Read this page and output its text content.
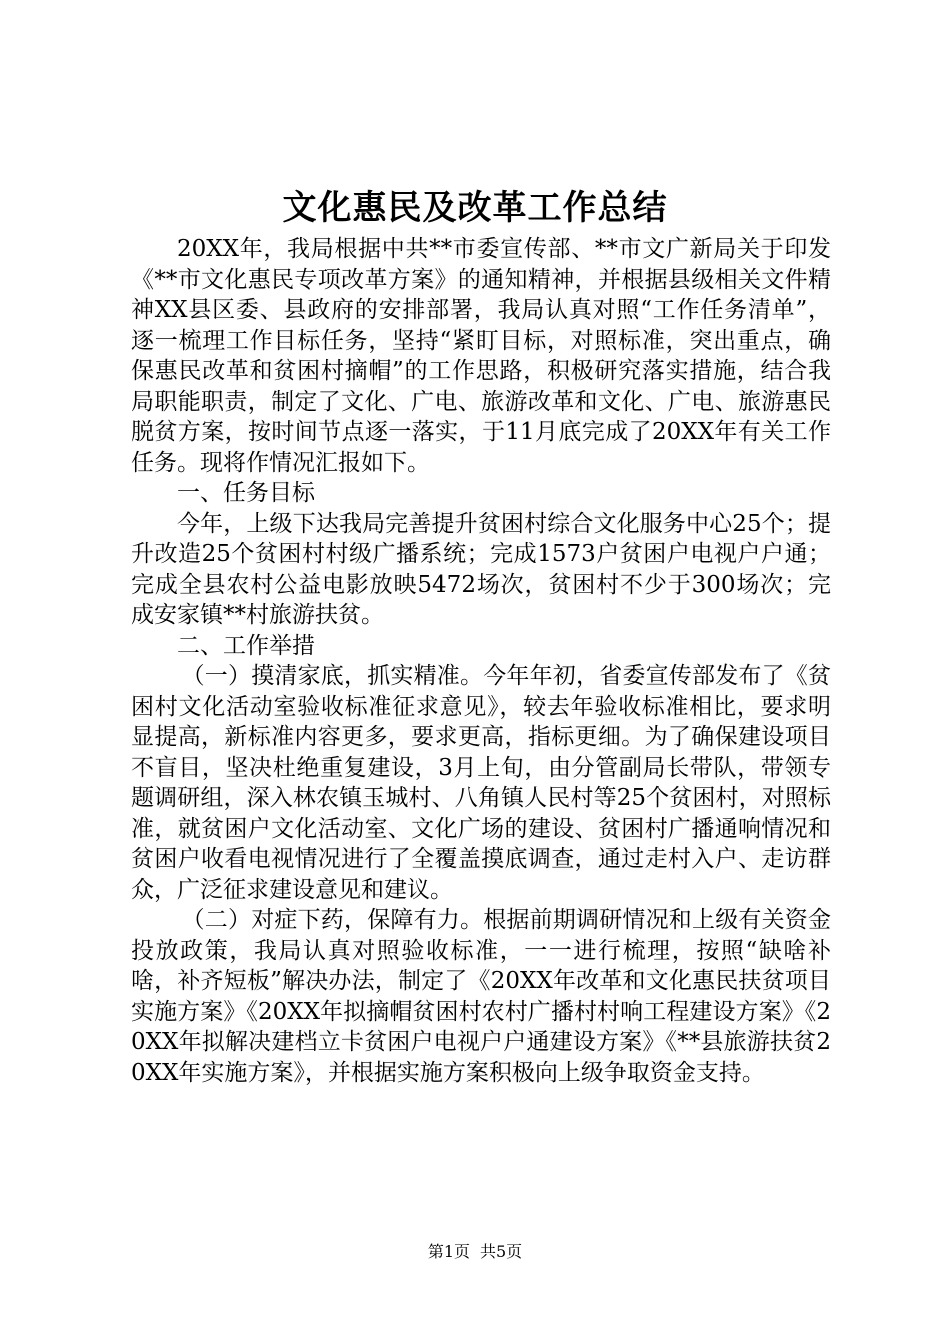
文化惠民及改革工作总结

20XX年，我局根据中共**市委宣传部、**市文广新局关于印发《**市文化惠民专项改革方案》的通知精神，并根据县级相关文件精神XX县区委、县政府的安排部署，我局认真对照“工作任务清单”，逐一梳理工作目标任务，坚持“紧盯目标，对照标准，突出重点，确保惠民改革和贫困村摘帽”的工作思路，积极研究落实措施，结合我局职能职责，制定了文化、广电、旅游改革和文化、广电、旅游惠民脱贫方案，按时间节点逐一落实，于11月底完成了20XX年有关工作任务。现将作情况汇报如下。

一、任务目标

今年，上级下达我局完善提升贫困村综合文化服务中心25个；提升改造25个贫困村村级广播系统；完成1573户贫困户电视户户通；完成全县农村公益电影放映5472场次，贫困村不少于300场次；完成安家镇**村旅游扶贫。

二、工作举措

（一）摸清家底，抓实精准。今年年初，省委宣传部发布了《贫困村文化活动室验收标准征求意见》，较去年验收标准相比，要求明显提高，新标准内容更多，要求更高，指标更细。为了确保建设项目不盲目，坚决杜绝重复建设，3月上旬，由分管副局长带队，带领专题调研组，深入林农镇玉城村、八角镇人民村等25个贫困村，对照标准，就贫困户文化活动室、文化广场的建设、贫困村广播通响情况和贫困户收看电视情况进行了全覆盖摸底调查，通过走村入户、走访群众，广泛征求建设意见和建议。

（二）对症下药，保障有力。根据前期调研情况和上级有关资金投放政策，我局认真对照验收标准，一一进行梳理，按照“缺啥补啥，补齐短板”解决办法，制定了《20XX年改革和文化惠民扶贫项目实施方案》《20XX年拟摘帽贫困村农村广播村村响工程建设方案》《20XX年拟解决建档立卡贫困户电视户户通建设方案》《**县旅游扶贫20XX年实施方案》，并根据实施方案积极向上级争取资金支持。

第1页 共5页
